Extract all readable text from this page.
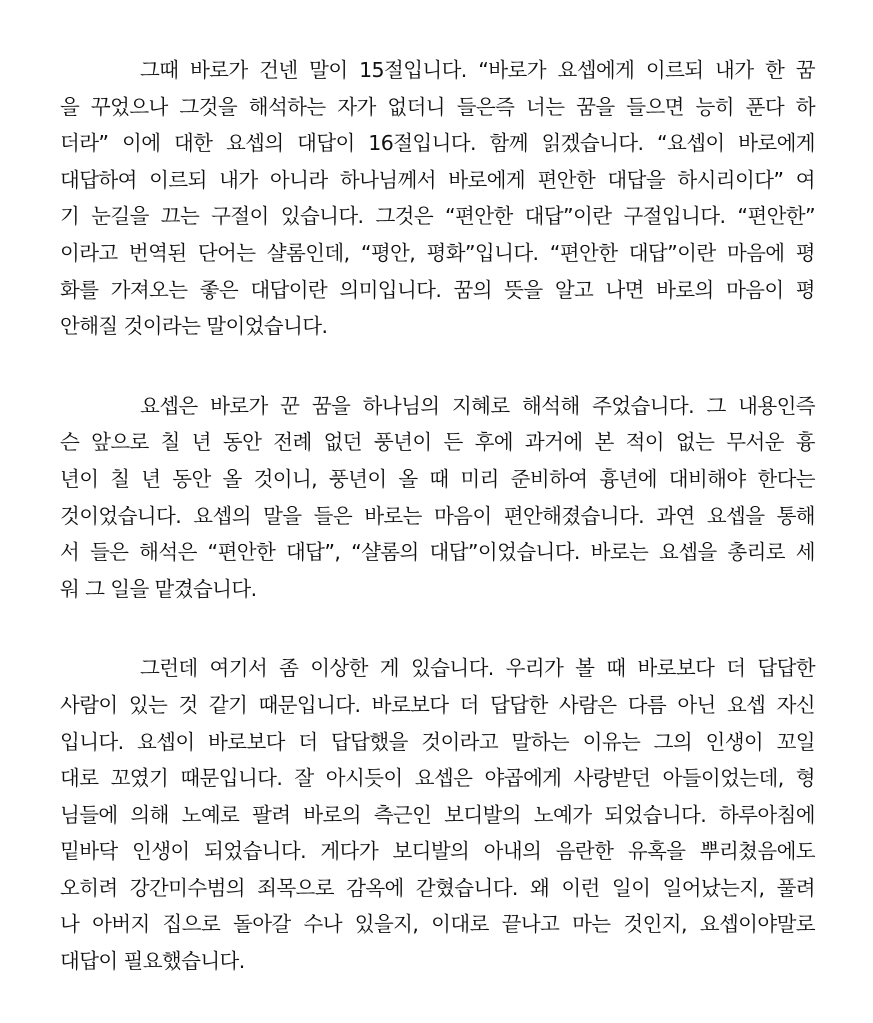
그때 바로가 건넨 말이 15절입니다. “바로가 요셉에게 이르되 내가 한 꿈
을 꾸었으나 그것을 해석하는 자가 없더니 들은즉 너는 꿈을 들으면 능히 푼다 하
더라” 이에 대한 요셉의 대답이 16절입니다. 함께 읽겠습니다. “요셉이 바로에게
대답하여 이르되 내가 아니라 하나님께서 바로에게 편안한 대답을 하시리이다” 여
기 눈길을 끄는 구절이 있습니다. 그것은 “편안한 대답”이란 구절입니다. “편안한”
이라고 번역된 단어는 샬롬인데, “평안, 평화”입니다. “편안한 대답”이란 마음에 평
화를 가져오는 좋은 대답이란 의미입니다. 꿈의 뜻을 알고 나면 바로의 마음이 평
안해질 것이라는 말이었습니다.
요셉은 바로가 꾼 꿈을 하나님의 지혜로 해석해 주었습니다. 그 내용인즉
슨 앞으로 칠 년 동안 전례 없던 풍년이 든 후에 과거에 본 적이 없는 무서운 흉
년이 칠 년 동안 올 것이니, 풍년이 올 때 미리 준비하여 흉년에 대비해야 한다는
것이었습니다. 요셉의 말을 들은 바로는 마음이 편안해졌습니다. 과연 요셉을 통해
서 들은 해석은 “편안한 대답”, “샬롬의 대답”이었습니다. 바로는 요셉을 총리로 세
워 그 일을 맡겼습니다.
그런데 여기서 좀 이상한 게 있습니다. 우리가 볼 때 바로보다 더 답답한
사람이 있는 것 같기 때문입니다. 바로보다 더 답답한 사람은 다름 아닌 요셉 자신
입니다. 요셉이 바로보다 더 답답했을 것이라고 말하는 이유는 그의 인생이 꼬일
대로 꼬였기 때문입니다. 잘 아시듯이 요셉은 야곱에게 사랑받던 아들이었는데, 형
님들에 의해 노예로 팔려 바로의 측근인 보디발의 노예가 되었습니다. 하루아침에
밑바닥 인생이 되었습니다. 게다가 보디발의 아내의 음란한 유혹을 뿌리쳤음에도
오히려 강간미수범의 죄목으로 감옥에 갇혔습니다. 왜 이런 일이 일어났는지, 풀려
나 아버지 집으로 돌아갈 수나 있을지, 이대로 끝나고 마는 것인지, 요셉이야말로
대답이 필요했습니다.
